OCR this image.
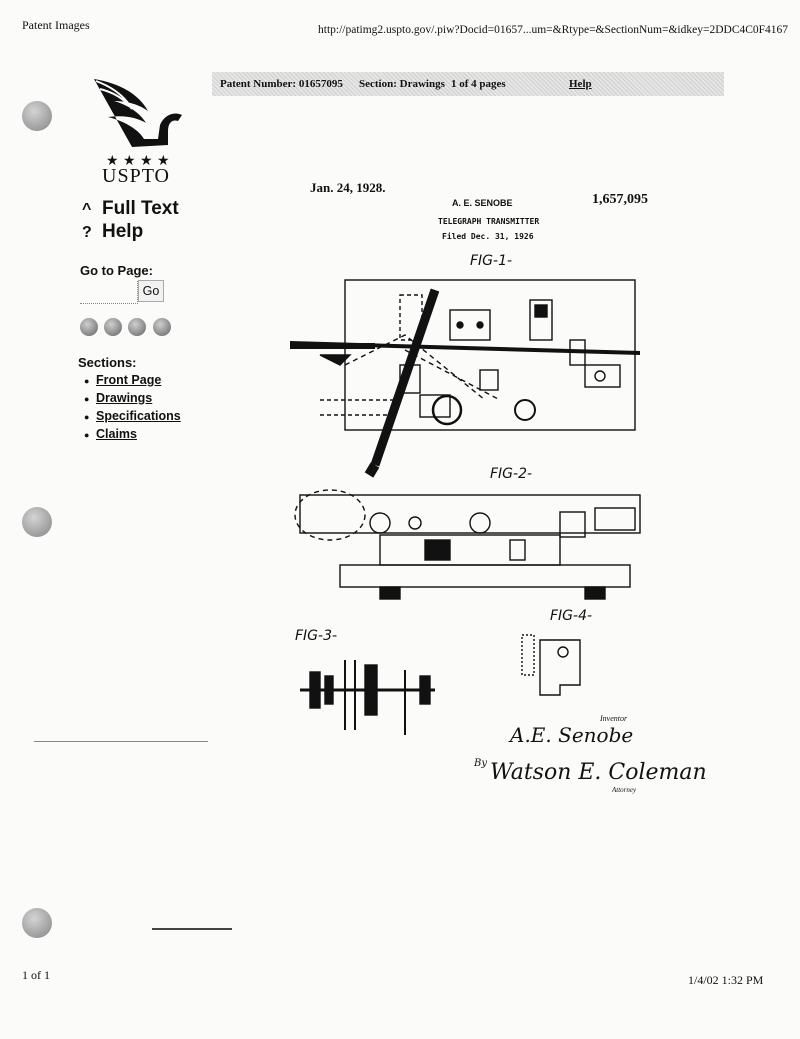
Patent Images	http://patimg2.uspto.gov/.piw?Docid=01657...um=&Rtype=&SectionNum=&idkey=2DDC4C0F4167
Patent Number: 01657095 Section: Drawings 1 of 4 pages	Help
★ ★ ★ ★
USPTO
^ Full Text
? Help
Go to Page:
Go
Sections:
● Front Page
● Drawings
● Specifications
● Claims
Jan. 24, 1928.
A. E. SENOBE	1,657,095
TELEGRAPH TRANSMITTER
Filed Dec. 31, 1926
FIG-1-
FIG-2-
FIG-3-
FIG-4-
Inventor
A.E. Senobe
By Watson E. Coleman
Attorney
1 of 1	1/4/02 1:32 PM
